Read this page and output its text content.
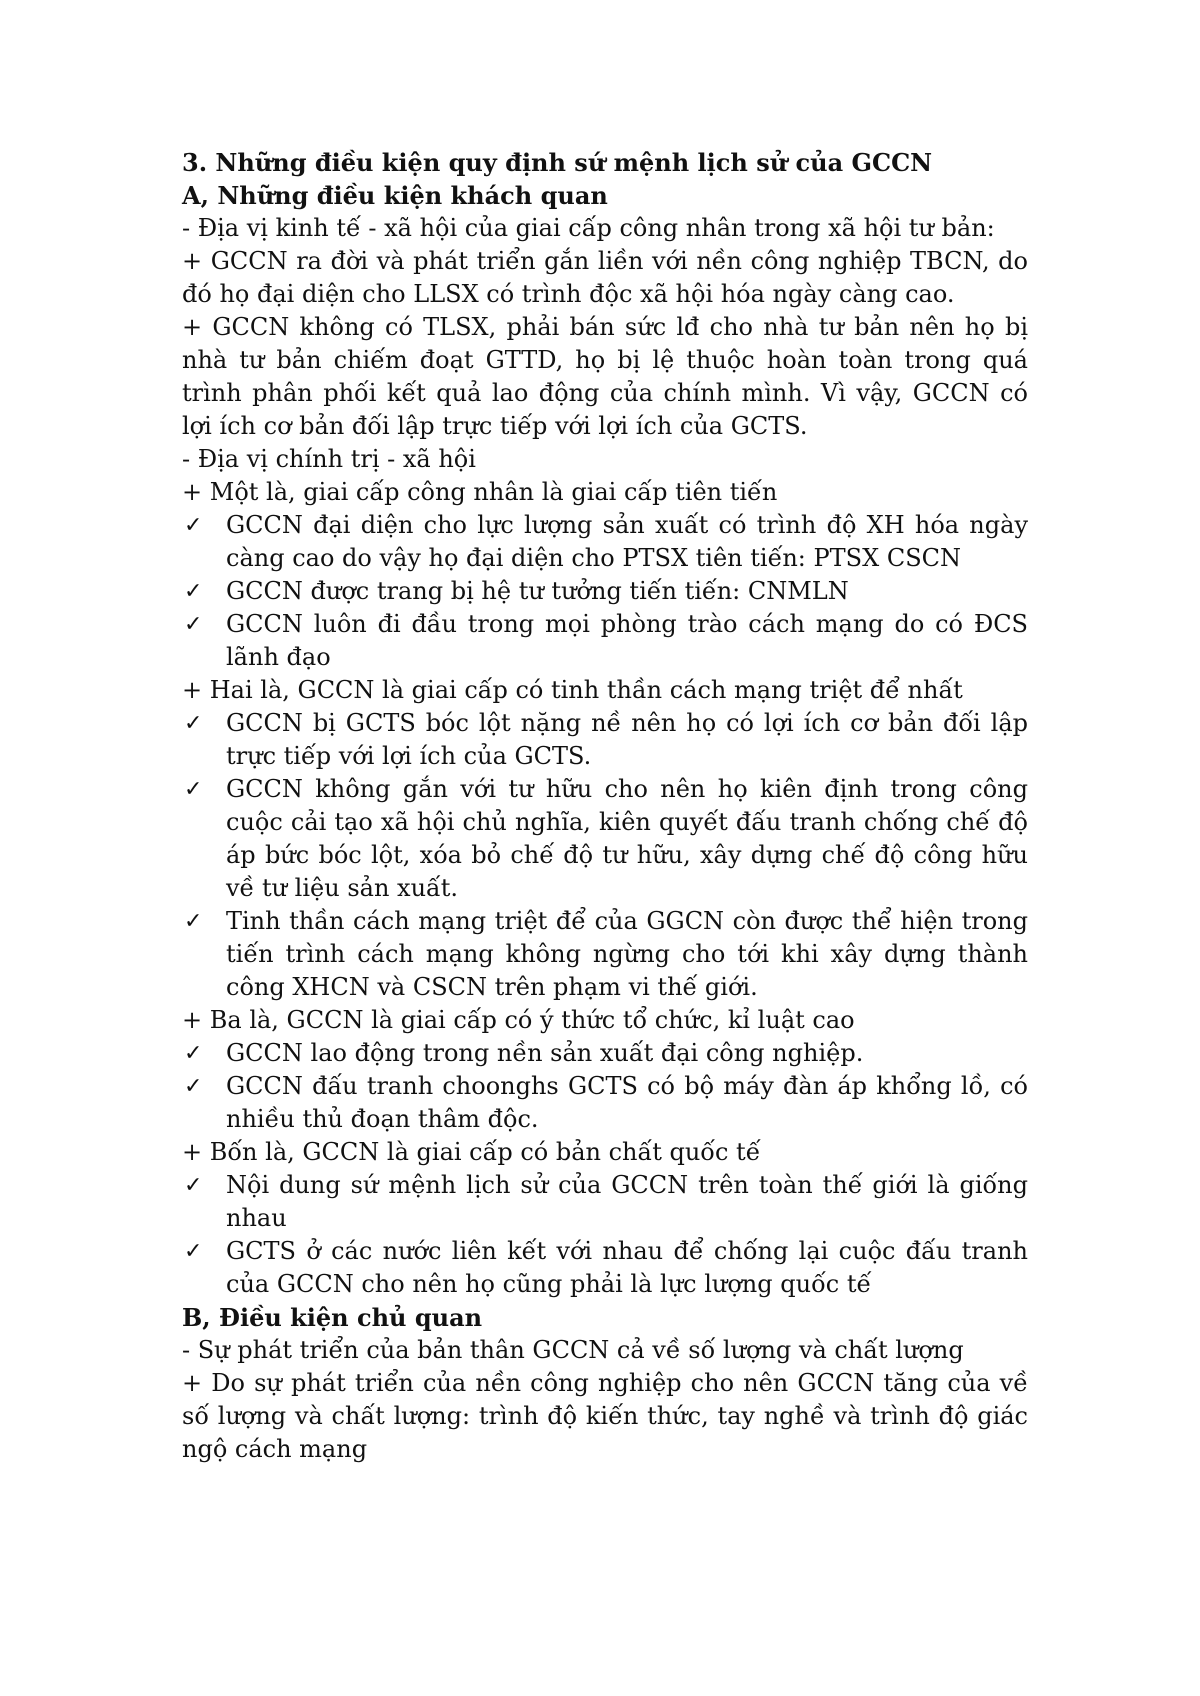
3. Những điều kiện quy định sứ mệnh lịch sử của GCCN

A, Những điều kiện khách quan

- Địa vị kinh tế - xã hội của giai cấp công nhân trong xã hội tư bản:

+ GCCN ra đời và phát triển gắn liền với nền công nghiệp TBCN, do đó họ đại diện cho LLSX có trình độc xã hội hóa ngày càng cao.

+ GCCN không có TLSX, phải bán sức lđ cho nhà tư bản nên họ bị nhà tư bản chiếm đoạt GTTD, họ bị lệ thuộc hoàn toàn trong quá trình phân phối kết quả lao động của chính mình. Vì vậy, GCCN có lợi ích cơ bản đối lập trực tiếp với lợi ích của GCTS.

- Địa vị chính trị - xã hội

+ Một là, giai cấp công nhân là giai cấp tiên tiến

✓ GCCN đại diện cho lực lượng sản xuất có trình độ XH hóa ngày càng cao do vậy họ đại diện cho PTSX tiên tiến: PTSX CSCN
✓ GCCN được trang bị hệ tư tưởng tiến tiến: CNMLN
✓ GCCN luôn đi đầu trong mọi phòng trào cách mạng do có ĐCS lãnh đạo

+ Hai là, GCCN là giai cấp có tinh thần cách mạng triệt để nhất

✓ GCCN bị GCTS bóc lột nặng nề nên họ có lợi ích cơ bản đối lập trực tiếp với lợi ích của GCTS.
✓ GCCN không gắn với tư hữu cho nên họ kiên định trong công cuộc cải tạo xã hội chủ nghĩa, kiên quyết đấu tranh chống chế độ áp bức bóc lột, xóa bỏ chế độ tư hữu, xây dựng chế độ công hữu về tư liệu sản xuất.
✓ Tinh thần cách mạng triệt để của GGCN còn được thể hiện trong tiến trình cách mạng không ngừng cho tới khi xây dựng thành công XHCN và CSCN trên phạm vi thế giới.

+ Ba là, GCCN là giai cấp có ý thức tổ chức, kỉ luật cao

✓ GCCN lao động trong nền sản xuất đại công nghiệp.
✓ GCCN đấu tranh choonghs GCTS có bộ máy đàn áp khổng lồ, có nhiều thủ đoạn thâm độc.

+ Bốn là, GCCN là giai cấp có bản chất quốc tế

✓ Nội dung sứ mệnh lịch sử của GCCN trên toàn thế giới là giống nhau
✓ GCTS ở các nước liên kết với nhau để chống lại cuộc đấu tranh của GCCN cho nên họ cũng phải là lực lượng quốc tế

B, Điều kiện chủ quan

- Sự phát triển của bản thân GCCN cả về số lượng và chất lượng

+ Do sự phát triển của nền công nghiệp cho nên GCCN tăng của về số lượng và chất lượng: trình độ kiến thức, tay nghề và trình độ giác ngộ cách mạng
